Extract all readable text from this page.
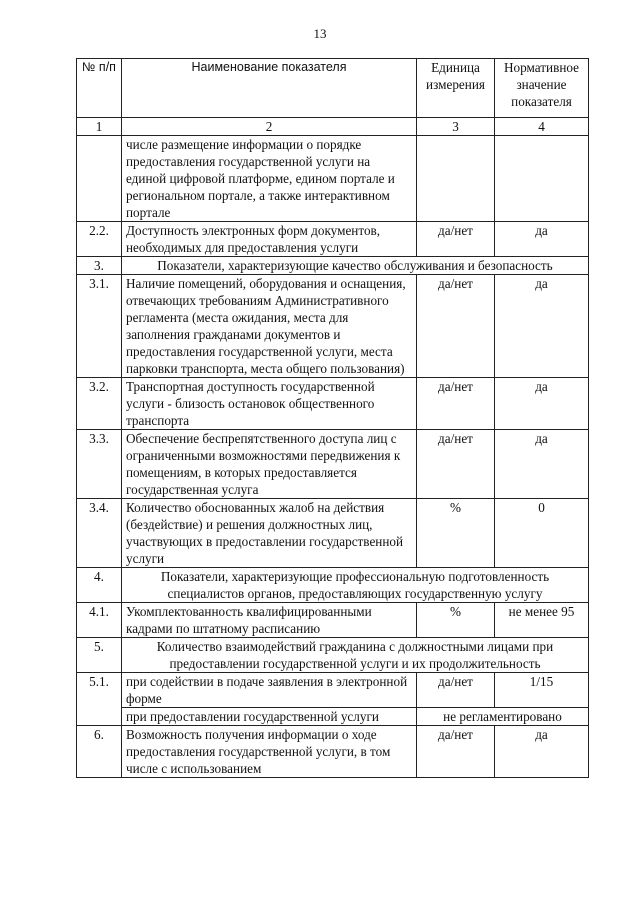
13
№ п/п	Наименование показателя	Единица измерения	Нормативное значение показателя
1	2	3	4
	числе размещение информации о порядке предоставления государственной услуги на единой цифровой платформе, едином портале и региональном портале, а также интерактивном портале		
2.2.	Доступность электронных форм документов, необходимых для предоставления услуги	да/нет	да
3.	Показатели, характеризующие качество обслуживания и безопасность		
3.1.	Наличие помещений, оборудования и оснащения, отвечающих требованиям Административного регламента (места ожидания, места для заполнения гражданами документов и предоставления государственной услуги, места парковки транспорта, места общего пользования)	да/нет	да
3.2.	Транспортная доступность государственной услуги - близость остановок общественного транспорта	да/нет	да
3.3.	Обеспечение беспрепятственного доступа лиц с ограниченными возможностями передвижения к помещениям, в которых предоставляется государственная услуга	да/нет	да
3.4.	Количество обоснованных жалоб на действия (бездействие) и решения должностных лиц, участвующих в предоставлении государственной услуги	%	0
4.	Показатели, характеризующие профессиональную подготовленность специалистов органов, предоставляющих государственную услугу		
4.1.	Укомплектованность квалифицированными кадрами по штатному расписанию	%	не менее 95
5.	Количество взаимодействий гражданина с должностными лицами при предоставлении государственной услуги и их продолжительность		
5.1.	при содействии в подаче заявления в электронной форме	да/нет	1/15
	при предоставлении государственной услуги	не регламентировано	
6.	Возможность получения информации о ходе предоставления государственной услуги, в том числе с использованием	да/нет	да
